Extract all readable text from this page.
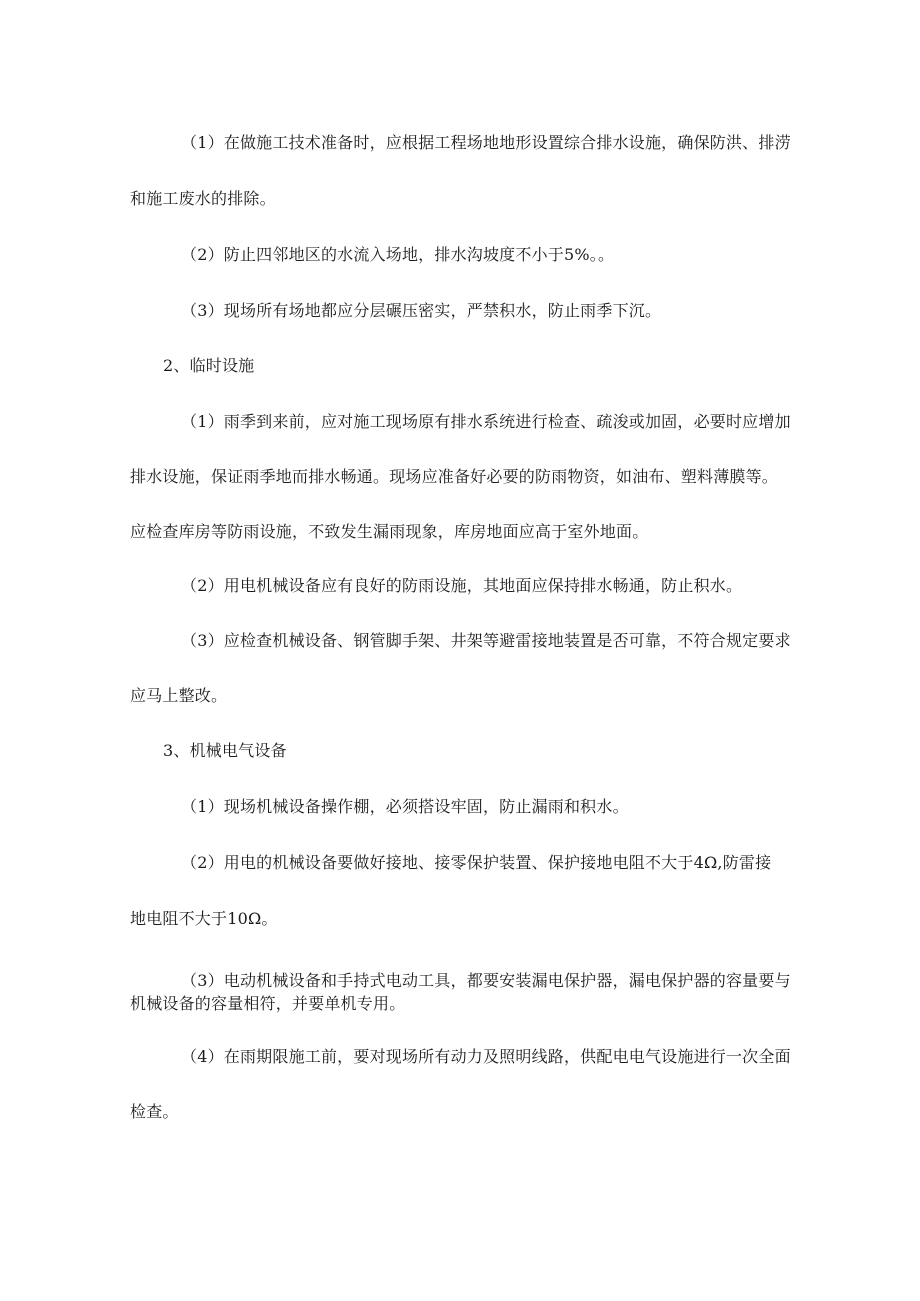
（1）在做施工技术准备时，应根据工程场地地形设置综合排水设施，确保防洪、排涝
和施工废水的排除。
（2）防止四邻地区的水流入场地，排水沟坡度不小于5%。。
（3）现场所有场地都应分层碾压密实，严禁积水，防止雨季下沉。
2、临时设施
（1）雨季到来前，应对施工现场原有排水系统进行检查、疏浚或加固，必要时应增加
排水设施，保证雨季地而排水畅通。现场应准备好必要的防雨物资，如油布、塑料薄膜等。
应检查库房等防雨设施，不致发生漏雨现象，库房地面应高于室外地面。
（2）用电机械设备应有良好的防雨设施，其地面应保持排水畅通，防止积水。
（3）应检查机械设备、钢管脚手架、井架等避雷接地装置是否可靠，不符合规定要求
应马上整改。
3、机械电气设备
（1）现场机械设备操作棚，必须搭设牢固，防止漏雨和积水。
（2）用电的机械设备要做好接地、接零保护装置、保护接地电阻不大于4Ω,防雷接
地电阻不大于10Ω。
（3）电动机械设备和手持式电动工具，都要安装漏电保护器，漏电保护器的容量要与
机械设备的容量相符，并要单机专用。
（4）在雨期限施工前，要对现场所有动力及照明线路，供配电电气设施进行一次全面
检查。
